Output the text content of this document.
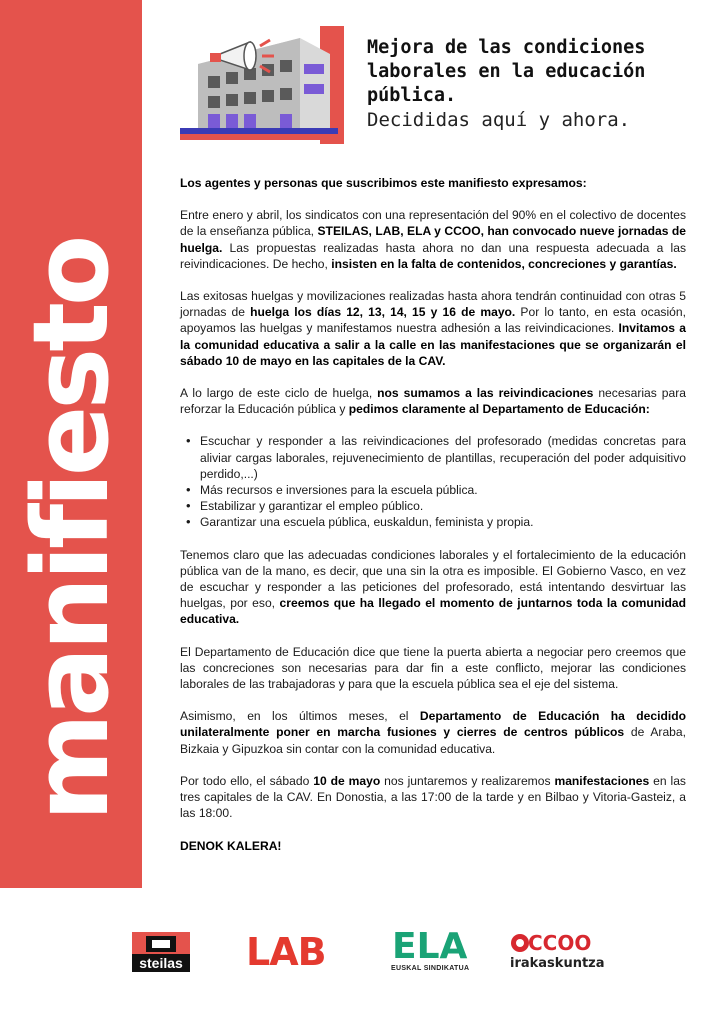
manifiesto
Mejora de las condiciones laborales en la educación pública.
Decididas aquí y ahora.

Los agentes y personas que suscribimos este manifiesto expresamos:

Entre enero y abril, los sindicatos con una representación del 90% en el colectivo de docentes de la enseñanza pública, STEILAS, LAB, ELA y CCOO, han convocado nueve jornadas de huelga. Las propuestas realizadas hasta ahora no dan una respuesta adecuada a las reivindicaciones. De hecho, insisten en la falta de contenidos, concreciones y garantías.

Las exitosas huelgas y movilizaciones realizadas hasta ahora tendrán continuidad con otras 5 jornadas de huelga los días 12, 13, 14, 15 y 16 de mayo. Por lo tanto, en esta ocasión, apoyamos las huelgas y manifestamos nuestra adhesión a las reivindicaciones. Invitamos a la comunidad educativa a salir a la calle en las manifestaciones que se organizarán el sábado 10 de mayo en las capitales de la CAV.

A lo largo de este ciclo de huelga, nos sumamos a las reivindicaciones necesarias para reforzar la Educación pública y pedimos claramente al Departamento de Educación:

• Escuchar y responder a las reivindicaciones del profesorado (medidas concretas para aliviar cargas laborales, rejuvenecimiento de plantillas, recuperación del poder adquisitivo perdido,...)
• Más recursos e inversiones para la escuela pública.
• Estabilizar y garantizar el empleo público.
• Garantizar una escuela pública, euskaldun, feminista y propia.

Tenemos claro que las adecuadas condiciones laborales y el fortalecimiento de la educación pública van de la mano, es decir, que una sin la otra es imposible. El Gobierno Vasco, en vez de escuchar y responder a las peticiones del profesorado, está intentando desvirtuar las huelgas, por eso, creemos que ha llegado el momento de juntarnos toda la comunidad educativa.

El Departamento de Educación dice que tiene la puerta abierta a negociar pero creemos que las concreciones son necesarias para dar fin a este conflicto, mejorar las condiciones laborales de las trabajadoras y para que la escuela pública sea el eje del sistema.

Asimismo, en los últimos meses, el Departamento de Educación ha decidido unilateralmente poner en marcha fusiones y cierres de centros públicos de Araba, Bizkaia y Gipuzkoa sin contar con la comunidad educativa.

Por todo ello, el sábado 10 de mayo nos juntaremos y realizaremos manifestaciones en las tres capitales de la CAV. En Donostia, a las 17:00 de la tarde y en Bilbao y Vitoria-Gasteiz, a las 18:00.

DENOK KALERA!

steilas LAB ELA
EUSKAL SINDIKATUA
CCOO
irakaskuntza
